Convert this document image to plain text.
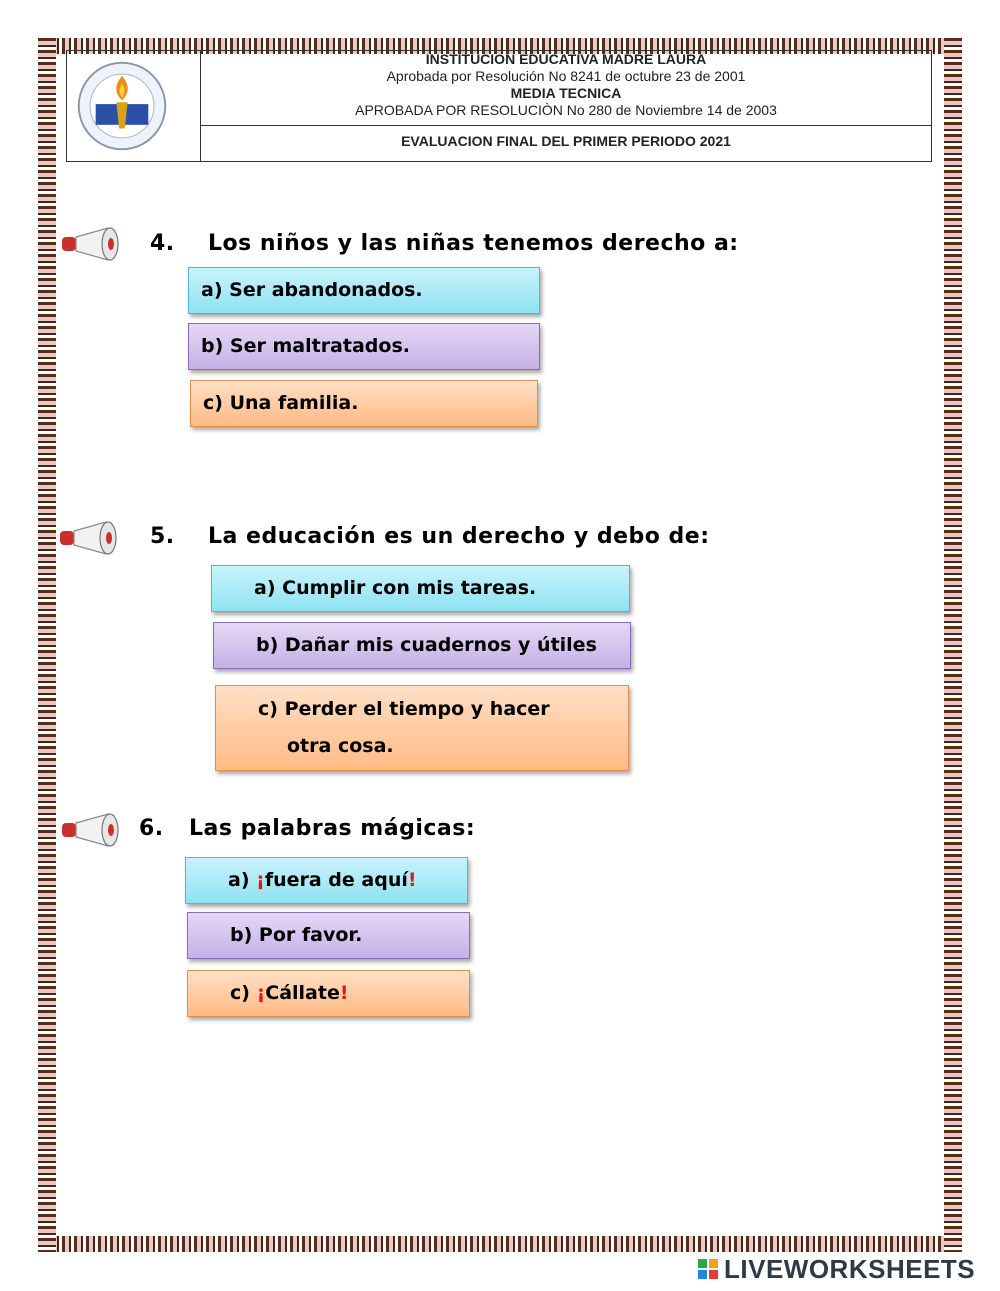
INSTITUCION EDUCATIVA MADRE LAURA
Aprobada por Resolución No 8241 de octubre 23 de 2001
MEDIA TECNICA
APROBADA POR RESOLUCIÒN No 280 de Noviembre 14 de 2003
EVALUACION FINAL DEL PRIMER PERIODO 2021
4. Los niños y las niñas tenemos derecho a:
a) Ser abandonados.
b) Ser maltratados.
c) Una familia.
5. La educación es un derecho y debo de:
a) Cumplir con mis tareas.
b) Dañar mis cuadernos y útiles
c) Perder el tiempo y hacer
otra cosa.
6. Las palabras mágicas:
a) ¡fuera de aquí!
b) Por favor.
c) ¡Cállate!
LIVEWORKSHEETS
